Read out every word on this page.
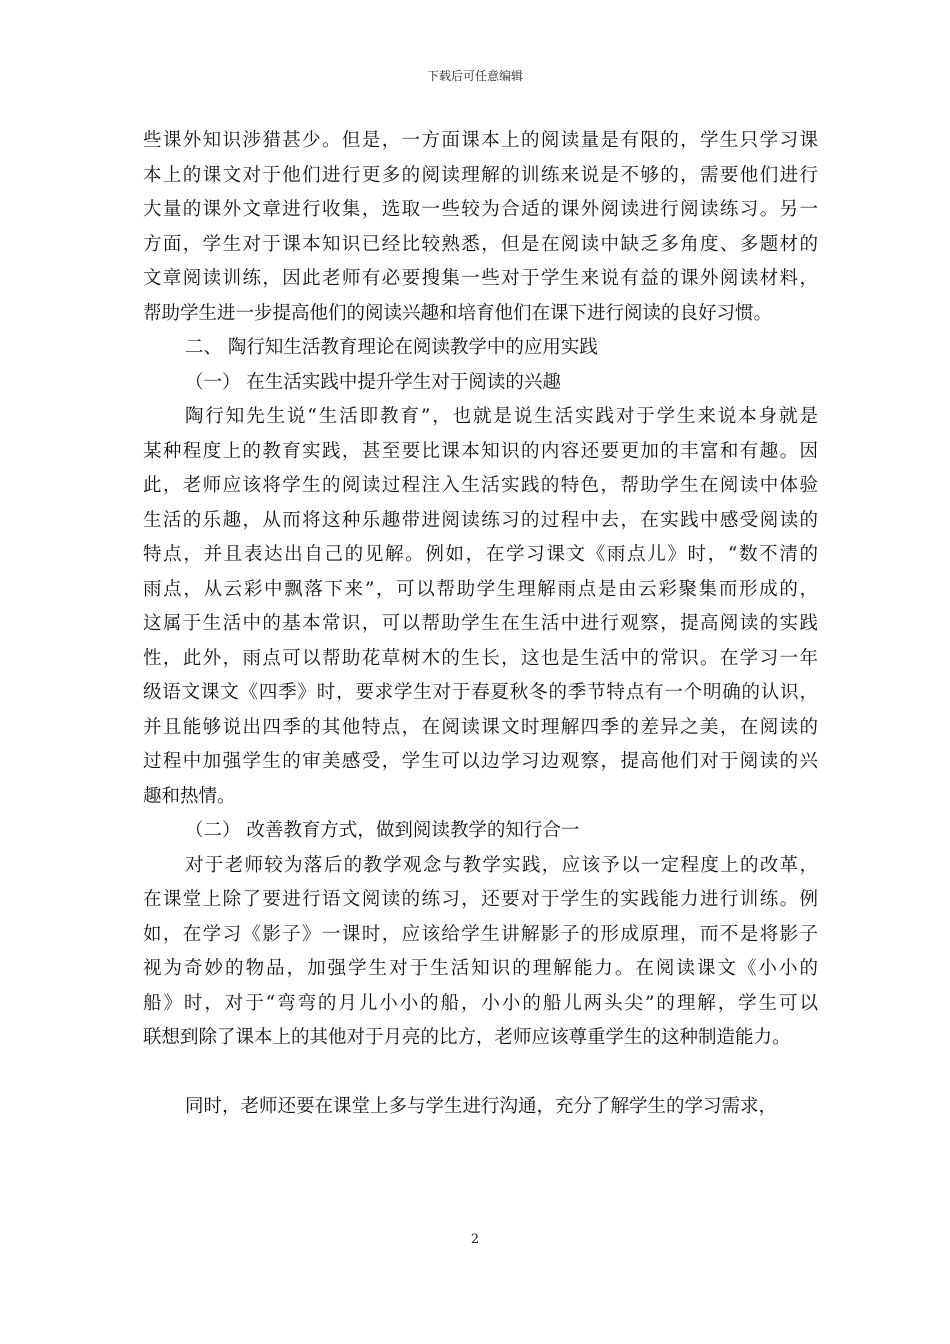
下载后可任意编辑
些课外知识涉猎甚少。但是，一方面课本上的阅读量是有限的，学生只学习课
本上的课文对于他们进行更多的阅读理解的训练来说是不够的，需要他们进行
大量的课外文章进行收集，选取一些较为合适的课外阅读进行阅读练习。另一
方面，学生对于课本知识已经比较熟悉，但是在阅读中缺乏多角度、多题材的
文章阅读训练，因此老师有必要搜集一些对于学生来说有益的课外阅读材料，
帮助学生进一步提高他们的阅读兴趣和培育他们在课下进行阅读的良好习惯。
二、 陶行知生活教育理论在阅读教学中的应用实践
（一） 在生活实践中提升学生对于阅读的兴趣
陶行知先生说“生活即教育”，也就是说生活实践对于学生来说本身就是
某种程度上的教育实践，甚至要比课本知识的内容还要更加的丰富和有趣。因
此，老师应该将学生的阅读过程注入生活实践的特色，帮助学生在阅读中体验
生活的乐趣，从而将这种乐趣带进阅读练习的过程中去，在实践中感受阅读的
特点，并且表达出自己的见解。例如，在学习课文《雨点儿》时，“数不清的
雨点，从云彩中飘落下来”，可以帮助学生理解雨点是由云彩聚集而形成的，
这属于生活中的基本常识，可以帮助学生在生活中进行观察，提高阅读的实践
性，此外，雨点可以帮助花草树木的生长，这也是生活中的常识。在学习一年
级语文课文《四季》时，要求学生对于春夏秋冬的季节特点有一个明确的认识，
并且能够说出四季的其他特点，在阅读课文时理解四季的差异之美，在阅读的
过程中加强学生的审美感受，学生可以边学习边观察，提高他们对于阅读的兴
趣和热情。
（二） 改善教育方式，做到阅读教学的知行合一
对于老师较为落后的教学观念与教学实践，应该予以一定程度上的改革，
在课堂上除了要进行语文阅读的练习，还要对于学生的实践能力进行训练。例
如，在学习《影子》一课时，应该给学生讲解影子的形成原理，而不是将影子
视为奇妙的物品，加强学生对于生活知识的理解能力。在阅读课文《小小的
船》时，对于“弯弯的月儿小小的船，小小的船儿两头尖”的理解，学生可以
联想到除了课本上的其他对于月亮的比方，老师应该尊重学生的这种制造能力。
同时，老师还要在课堂上多与学生进行沟通，充分了解学生的学习需求，
2
